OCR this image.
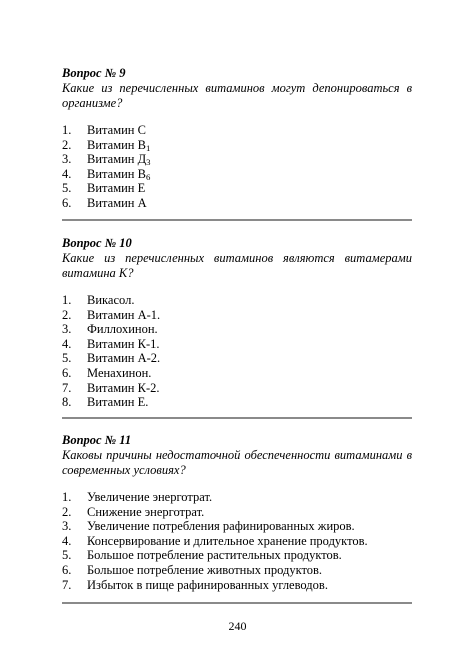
Вопрос № 9
Какие из перечисленных витаминов могут депонироваться в организме?
1. Витамин C
2. Витамин $B_1$
3. Витамин $Д_3$
4. Витамин $B_6$
5. Витамин E
6. Витамин A
Вопрос № 10
Какие из перечисленных витаминов являются витамерами витамина К?
1. Викасол.
2. Витамин А-1.
3. Филлохинон.
4. Витамин К-1.
5. Витамин А-2.
6. Менахинон.
7. Витамин К-2.
8. Витамин Е.
Вопрос № 11
Каковы причины недостаточной обеспеченности витаминами в современных условиях?
1. Увеличение энерготрат.
2. Снижение энерготрат.
3. Увеличение потребления рафинированных жиров.
4. Консервирование и длительное хранение продуктов.
5. Большое потребление растительных продуктов.
6. Большое потребление животных продуктов.
7. Избыток в пище рафинированных углеводов.
240
